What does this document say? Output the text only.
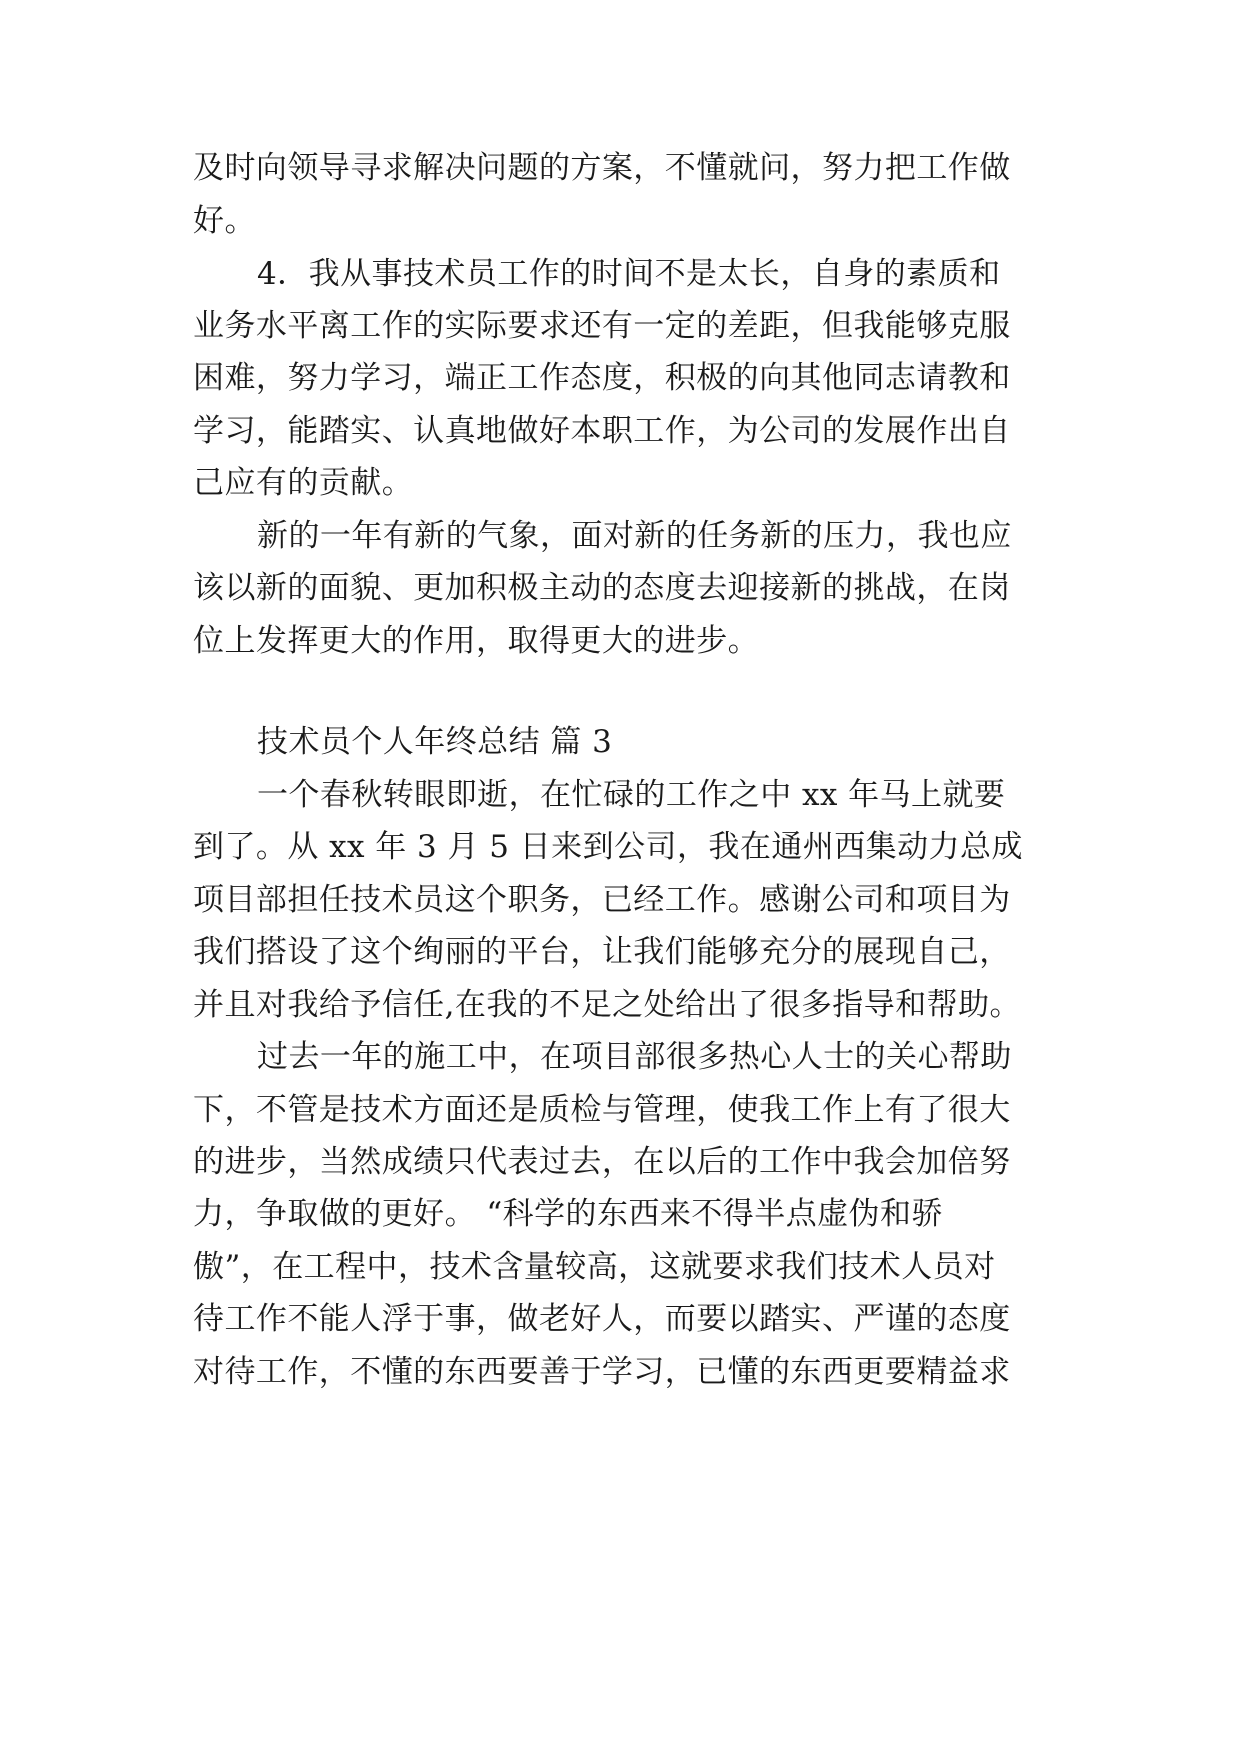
及时向领导寻求解决问题的方案，不懂就问，努力把工作做
好。
4．我从事技术员工作的时间不是太长，自身的素质和
业务水平离工作的实际要求还有一定的差距，但我能够克服
困难，努力学习，端正工作态度，积极的向其他同志请教和
学习，能踏实、认真地做好本职工作，为公司的发展作出自
己应有的贡献。
新的一年有新的气象，面对新的任务新的压力，我也应
该以新的面貌、更加积极主动的态度去迎接新的挑战，在岗
位上发挥更大的作用，取得更大的进步。
技术员个人年终总结 篇 3
一个春秋转眼即逝，在忙碌的工作之中 xx 年马上就要
到了。从 xx 年 3 月 5 日来到公司，我在通州西集动力总成
项目部担任技术员这个职务，已经工作。感谢公司和项目为
我们搭设了这个绚丽的平台，让我们能够充分的展现自己，
并且对我给予信任,在我的不足之处给出了很多指导和帮助。
过去一年的施工中，在项目部很多热心人士的关心帮助
下，不管是技术方面还是质检与管理，使我工作上有了很大
的进步，当然成绩只代表过去，在以后的工作中我会加倍努
力，争取做的更好。 “科学的东西来不得半点虚伪和骄
傲”，在工程中，技术含量较高，这就要求我们技术人员对
待工作不能人浮于事，做老好人，而要以踏实、严谨的态度
对待工作，不懂的东西要善于学习，已懂的东西更要精益求
